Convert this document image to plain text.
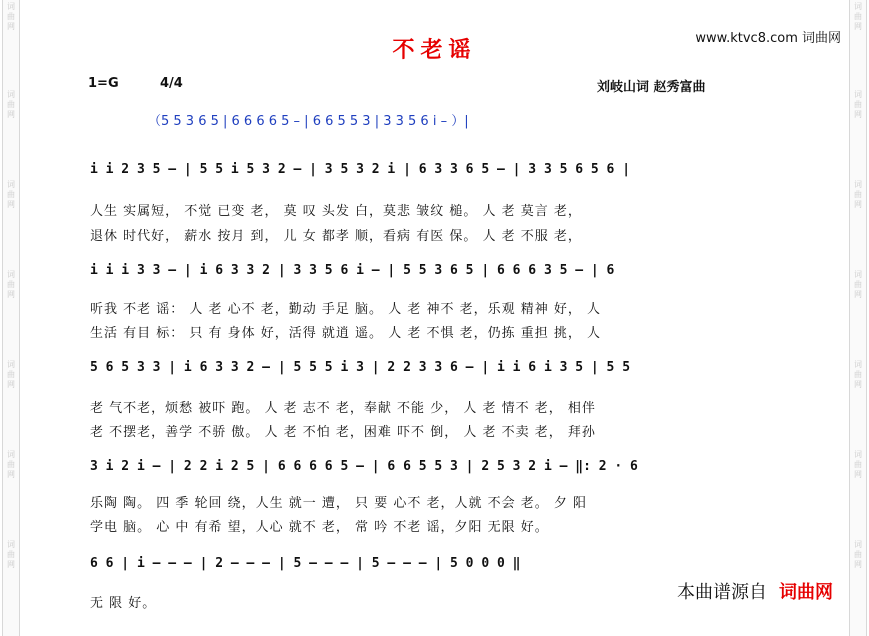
词曲网
词曲网
词曲网
词曲网
词曲网
词曲网
词曲网
词曲网
词曲网
词曲网
词曲网
词曲网
词曲网
词曲网
www.ktvc8.com 词曲网
不老谣
1=G	4/4	刘岐山词 赵秀富曲
（5 5 3 6 5 | 6 6 6 6 5 – | 6 6 5 5 3 | 3 3 5 6 i – ）|
i i 2 3 5 – | 5 5 i 5 3 2 – | 3 5 3 2 i | 6 3 3 6 5 – | 3 3 5 6 5 6 |
人生 实属短， 不觉 已变 老， 莫 叹 头发 白，莫悲 皱纹 槌。 人 老 莫言 老，
退休 时代好， 薪水 按月 到， 儿 女 都孝 顺，看病 有医 保。 人 老 不服 老，
i i i 3 3 – | i 6 3 3 2 | 3 3 5 6 i – | 5 5 3 6 5 | 6 6 6 3 5 – | 6
听我 不老 谣： 人 老 心不 老，勤动 手足 脑。 人 老 神不 老，乐观 精神 好， 人
生活 有目 标： 只 有 身体 好，活得 就逍 遥。 人 老 不惧 老，仍拣 重担 挑， 人
5 6 5 3 3 | i 6 3 3 2 – | 5 5 5 i 3 | 2 2 3 3 6 – | i i 6 i 3 5 | 5 5
老 气不老，烦愁 被吓 跑。 人 老 志不 老，奉献 不能 少， 人 老 情不 老， 相伴
老 不摆老，善学 不骄 傲。 人 老 不怕 老，困难 吓不 倒， 人 老 不卖 老， 拜孙
3 i 2 i – | 2 2 i 2 5 | 6 6 6 6 5 – | 6 6 5 5 3 | 2 5 3 2 i – ‖: 2 · 6
乐陶 陶。 四 季 轮回 绕，人生 就一 遭， 只 要 心不 老，人就 不会 老。 夕 阳
学电 脑。 心 中 有希 望，人心 就不 老， 常 吟 不老 谣，夕阳 无限 好。
6 6 | i – – – | 2 – – – | 5 – – – | 5 – – – | 5 0 0 0 ‖
无 限 好。
本曲谱源自 词曲网
